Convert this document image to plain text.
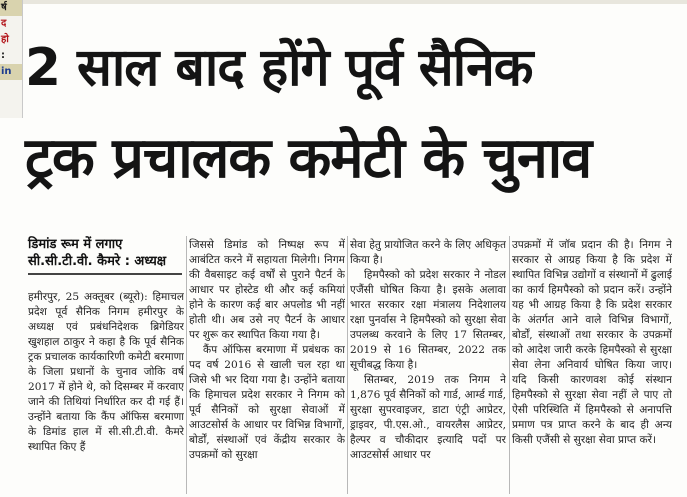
र्ष
द
हो
:
in 2 साल बाद होंगे पूर्व सैनिक
ट्रक प्रचालक कमेटी के चुनाव
डिमांड रूम में लगाए
सी.सी.टी.वी. कैमरे : अध्यक्ष

हमीरपुर, 25 अक्तूबर (ब्यूरो): हिमाचल प्रदेश पूर्व सैनिक निगम हमीरपुर के अध्यक्ष एवं प्रबंधनिदेशक ब्रिगेडियर खुशहाल ठाकुर ने कहा है कि पूर्व सैनिक ट्रक प्रचालक कार्यकारिणी कमेटी बरमाणा के जिला प्रधानों के चुनाव जोकि वर्ष 2017 में होने थे, को दिसम्बर में करवाए जाने की तिथियां निर्धारित कर दी गई हैं। उन्होंने बताया कि कैंप ऑफिस बरमाणा के डिमांड हाल में सी.सी.टी.वी. कैमरे स्थापित किए हैं

जिससे डिमांड को निष्पक्ष रूप में आबंटित करने में सहायता मिलेगी। निगम की वैबसाइट कई वर्षों से पुराने पैटर्न के आधार पर होस्टेड थी और कई कमियां होने के कारण कई बार अपलोड भी नहीं होती थी। अब उसे नए पैटर्न के आधार पर शुरू कर स्थापित किया गया है।

कैंप ऑफिस बरमाणा में प्रबंधक का पद वर्ष 2016 से खाली चल रहा था जिसे भी भर दिया गया है। उन्होंने बताया कि हिमाचल प्रदेश सरकार ने निगम को पूर्व सैनिकों को सुरक्षा सेवाओं में आउटसोर्स के आधार पर विभिन्न विभागों, बोर्डों, संस्थाओं एवं केंद्रीय सरकार के उपक्रमों को सुरक्षा

सेवा हेतु प्रायोजित करने के लिए अधिकृत किया है।

हिमपैस्को को प्रदेश सरकार ने नोडल एजैंसी घोषित किया है। इसके अलावा भारत सरकार रक्षा मंत्रालय निदेशालय रक्षा पुनर्वास ने हिमपैस्को को सुरक्षा सेवा उपलब्ध करवाने के लिए 17 सितम्बर, 2019 से 16 सितम्बर, 2022 तक सूचीबद्ध किया है।

सितम्बर, 2019 तक निगम ने 1,876 पूर्व सैनिकों को गार्ड, आर्म्ड गार्ड, सुरक्षा सुपरवाइजर, डाटा एंट्री आप्रेटर, ड्राइवर, पी.एस.ओ., वायरलैस आप्रेटर, हैल्पर व चौकीदार इत्यादि पदों पर आउटसोर्स आधार पर

उपक्रमों में जॉब प्रदान की है। निगम ने सरकार से आग्रह किया है कि प्रदेश में स्थापित विभिन्न उद्योगों व संस्थानों में ढुलाई का कार्य हिमपैस्को को प्रदान करें। उन्होंने यह भी आग्रह किया है कि प्रदेश सरकार के अंतर्गत आने वाले विभिन्न विभागों, बोर्डों, संस्थाओं तथा सरकार के उपक्रमों को आदेश जारी करके हिमपैस्को से सुरक्षा सेवा लेना अनिवार्य घोषित किया जाए। यदि किसी कारणवश कोई संस्थान हिमपैस्को से सुरक्षा सेवा नहीं ले पाए तो ऐसी परिस्थिति में हिमपैस्को से अनापत्ति प्रमाण पत्र प्राप्त करने के बाद ही अन्य किसी एजैंसी से सुरक्षा सेवा प्राप्त करें।
